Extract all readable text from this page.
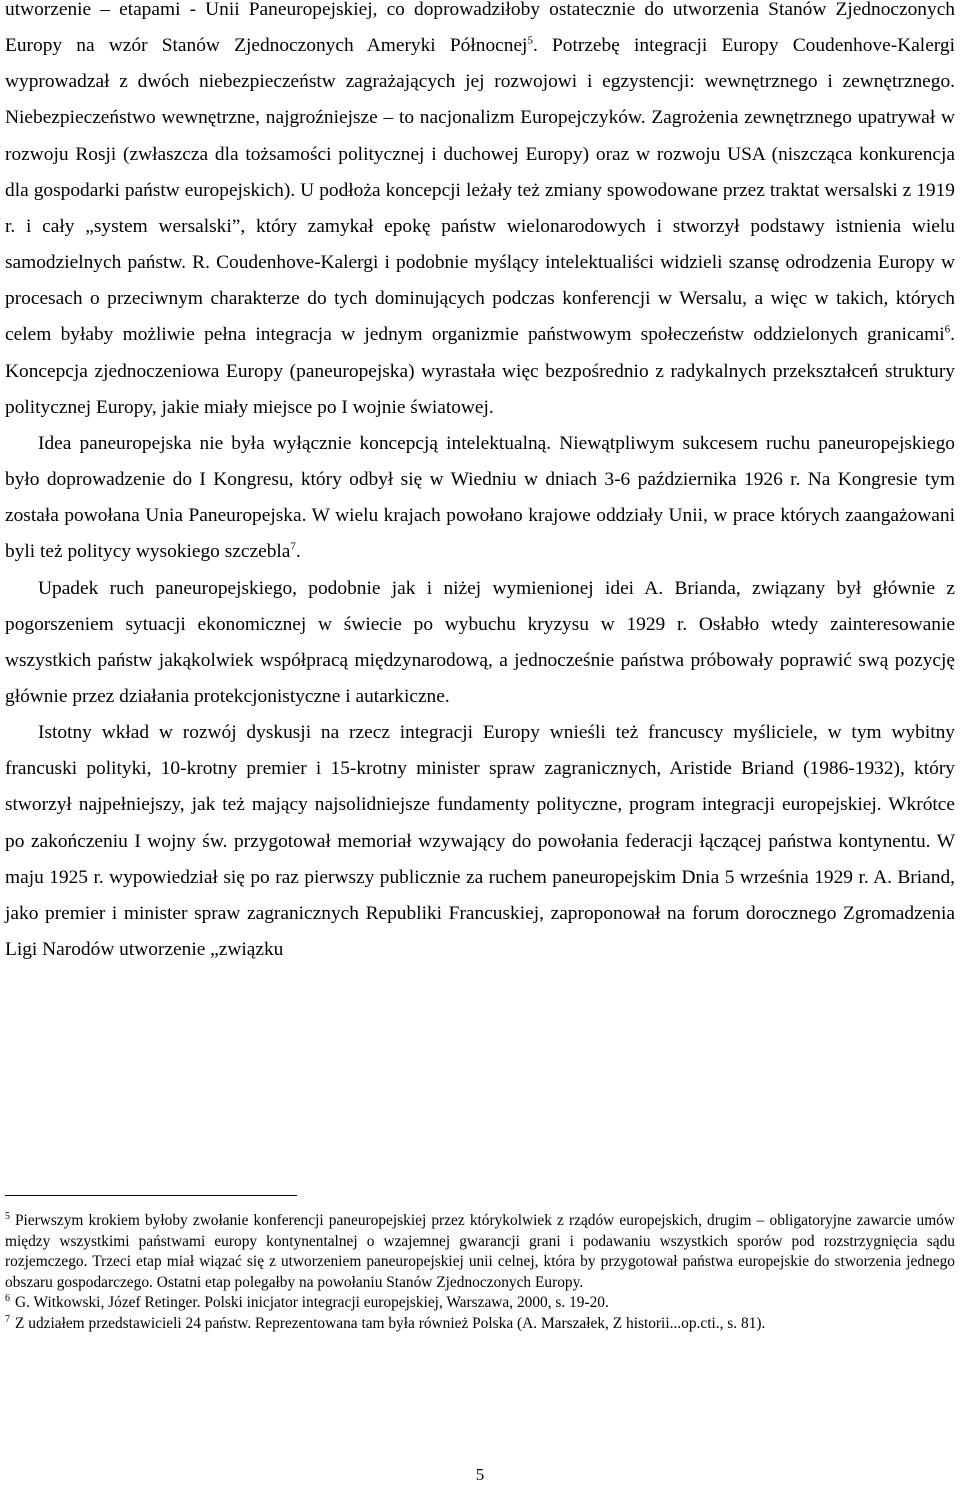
utworzenie – etapami - Unii Paneuropejskiej, co doprowadziłoby ostatecznie do utworzenia Stanów Zjednoczonych Europy na wzór Stanów Zjednoczonych Ameryki Północnej$^5$. Potrzebę integracji Europy Coudenhove-Kalergi wyprowadzał z dwóch niebezpieczeństw zagrażających jej rozwojowi i egzystencji: wewnętrznego i zewnętrznego. Niebezpieczeństwo wewnętrzne, najgroźniejsze – to nacjonalizm Europejczyków. Zagrożenia zewnętrznego upatrywał w rozwoju Rosji (zwłaszcza dla tożsamości politycznej i duchowej Europy) oraz w rozwoju USA (niszcząca konkurencja dla gospodarki państw europejskich). U podłoża koncepcji leżały też zmiany spowodowane przez traktat wersalski z 1919 r. i cały „system wersalski”, który zamykał epokę państw wielonarodowych i stworzył podstawy istnienia wielu samodzielnych państw. R. Coudenhove-Kalergi i podobnie myślący intelektualiści widzieli szansę odrodzenia Europy w procesach o przeciwnym charakterze do tych dominujących podczas konferencji w Wersalu, a więc w takich, których celem byłaby możliwie pełna integracja w jednym organizmie państwowym społeczeństw oddzielonych granicami$^6$. Koncepcja zjednoczeniowa Europy (paneuropejska) wyrastała więc bezpośrednio z radykalnych przekształceń struktury politycznej Europy, jakie miały miejsce po I wojnie światowej.

Idea paneuropejska nie była wyłącznie koncepcją intelektualną. Niewątpliwym sukcesem ruchu paneuropejskiego było doprowadzenie do I Kongresu, który odbył się w Wiedniu w dniach 3-6 października 1926 r. Na Kongresie tym została powołana Unia Paneuropejska. W wielu krajach powołano krajowe oddziały Unii, w prace których zaangażowani byli też politycy wysokiego szczebla$^7$.

Upadek ruch paneuropejskiego, podobnie jak i niżej wymienionej idei A. Brianda, związany był głównie z pogorszeniem sytuacji ekonomicznej w świecie po wybuchu kryzysu w 1929 r. Osłabło wtedy zainteresowanie wszystkich państw jakąkolwiek współpracą międzynarodową, a jednocześnie państwa próbowały poprawić swą pozycję głównie przez działania protekcjonistyczne i autarkiczne.

Istotny wkład w rozwój dyskusji na rzecz integracji Europy wnieśli też francuscy myśliciele, w tym wybitny francuski polityki, 10-krotny premier i 15-krotny minister spraw zagranicznych, Aristide Briand (1986-1932), który stworzył najpełniejszy, jak też mający najsolidniejsze fundamenty polityczne, program integracji europejskiej. Wkrótce po zakończeniu I wojny św. przygotował memoriał wzywający do powołania federacji łączącej państwa kontynentu. W maju 1925 r. wypowiedział się po raz pierwszy publicznie za ruchem paneuropejskim Dnia 5 września 1929 r. A. Briand, jako premier i minister spraw zagranicznych Republiki Francuskiej, zaproponował na forum dorocznego Zgromadzenia Ligi Narodów utworzenie „związku

$^5$ Pierwszym krokiem byłoby zwołanie konferencji paneuropejskiej przez którykolwiek z rządów europejskich, drugim – obligatoryjne zawarcie umów między wszystkimi państwami europy kontynentalnej o wzajemnej gwarancji grani i podawaniu wszystkich sporów pod rozstrzygnięcia sądu rozjemczego. Trzeci etap miał wiązać się z utworzeniem paneuropejskiej unii celnej, która by przygotował państwa europejskie do stworzenia jednego obszaru gospodarczego. Ostatni etap polegałby na powołaniu Stanów Zjednoczonych Europy.

$^6$ G. Witkowski, Józef Retinger. Polski inicjator integracji europejskiej, Warszawa, 2000, s. 19-20.

$^7$ Z udziałem przedstawicieli 24 państw. Reprezentowana tam była również Polska (A. Marszałek, Z historii...op.cti., s. 81).

5
